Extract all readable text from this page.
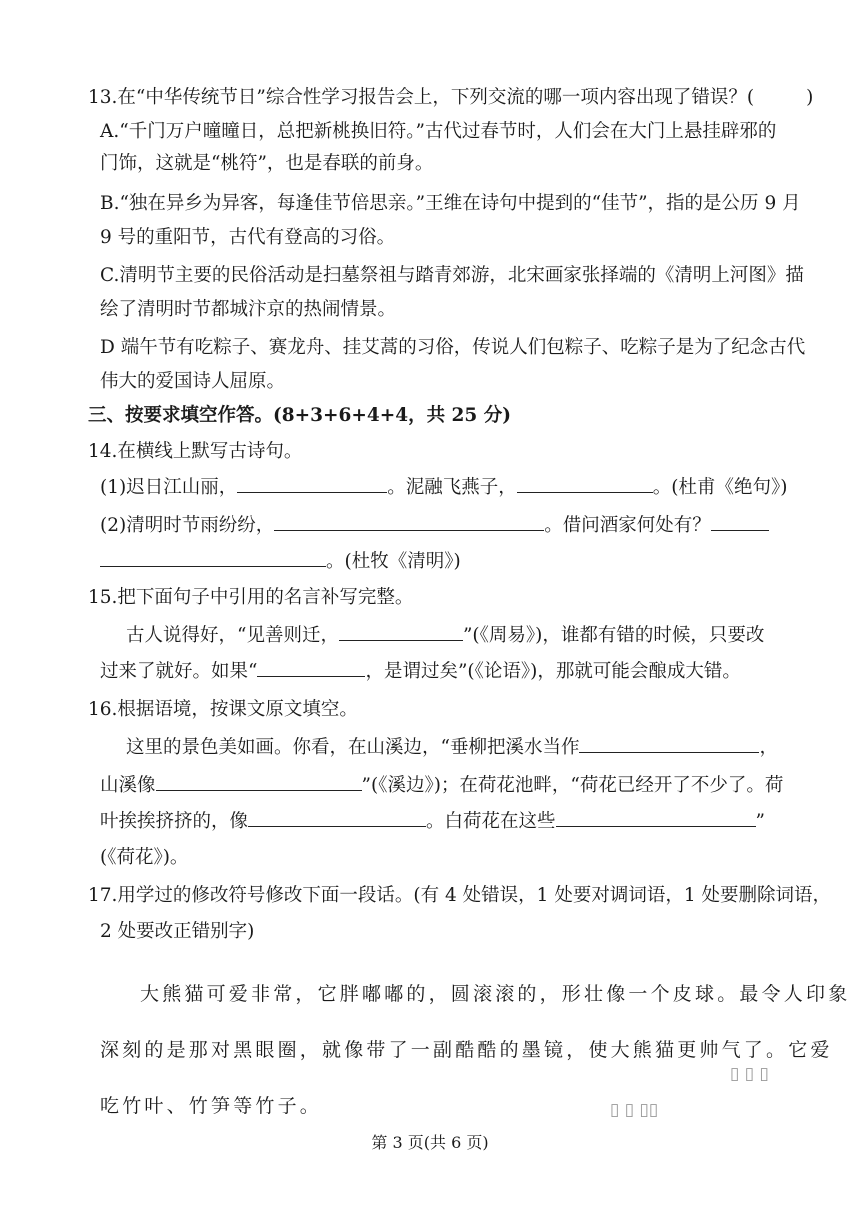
13.在“中华传统节日”综合性学习报告会上，下列交流的哪一项内容出现了错误？(	)
A.“千门万户曈曈日，总把新桃换旧符。”古代过春节时，人们会在大门上悬挂辟邪的
门饰，这就是“桃符”，也是春联的前身。
B.“独在异乡为异客，每逢佳节倍思亲。”王维在诗句中提到的“佳节”，指的是公历 9 月
9 号的重阳节，古代有登高的习俗。
C.清明节主要的民俗活动是扫墓祭祖与踏青郊游，北宋画家张择端的《清明上河图》描
绘了清明时节都城汴京的热闹情景。
D 端午节有吃粽子、赛龙舟、挂艾蒿的习俗，传说人们包粽子、吃粽子是为了纪念古代
伟大的爱国诗人屈原。
三、按要求填空作答。(8+3+6+4+4，共 25 分)
14.在横线上默写古诗句。
(1)迟日江山丽，	。泥融飞燕子，	。(杜甫《绝句》)
(2)清明时节雨纷纷，	。借问酒家何处有？
。(杜牧《清明》)
15.把下面句子中引用的名言补写完整。
古人说得好，“见善则迁，	”(《周易》)，谁都有错的时候，只要改
过来了就好。如果“	，是谓过矣”(《论语》)，那就可能会酿成大错。
16.根据语境，按课文原文填空。
这里的景色美如画。你看，在山溪边，“垂柳把溪水当作	，
山溪像	”(《溪边》)；在荷花池畔，“荷花已经开了不少了。荷
叶挨挨挤挤的，像	。白荷花在这些	”
(《荷花》)。
17.用学过的修改符号修改下面一段话。(有 4 处错误，1 处要对调词语，1 处要删除词语，
2 处要改正错别字)
大熊猫可爱非常，它胖嘟嘟的，圆滚滚的，形壮像一个皮球。最令人印象
深刻的是那对黑眼圈，就像带了一副酷酷的墨镜，使大熊猫更帅气了。它爱
吃竹叶、竹笋等竹子。
▯ ▯ ▯
▯▯ ▯ ▯
第 3 页(共 6 页)
